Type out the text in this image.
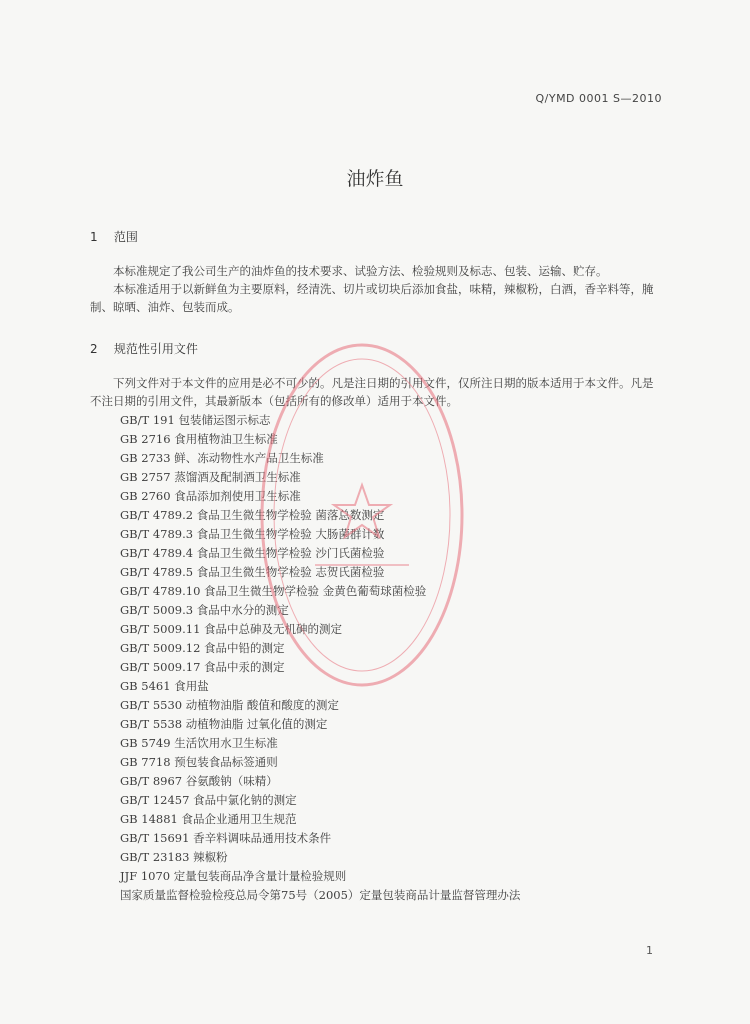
Q/YMD 0001 S—2010
油炸鱼
1 范围

本标准规定了我公司生产的油炸鱼的技术要求、试验方法、检验规则及标志、包装、运输、贮存。

本标准适用于以新鲜鱼为主要原料，经清洗、切片或切块后添加食盐，味精，辣椒粉，白酒，香辛料等，腌制、晾晒、油炸、包装而成。

2 规范性引用文件

下列文件对于本文件的应用是必不可少的。凡是注日期的引用文件，仅所注日期的版本适用于本文件。凡是不注日期的引用文件，其最新版本（包括所有的修改单）适用于本文件。

GB/T 191 包装储运图示标志
GB 2716 食用植物油卫生标准
GB 2733 鲜、冻动物性水产品卫生标准
GB 2757 蒸馏酒及配制酒卫生标准
GB 2760 食品添加剂使用卫生标准
GB/T 4789.2 食品卫生微生物学检验 菌落总数测定
GB/T 4789.3 食品卫生微生物学检验 大肠菌群计数
GB/T 4789.4 食品卫生微生物学检验 沙门氏菌检验
GB/T 4789.5 食品卫生微生物学检验 志贺氏菌检验
GB/T 4789.10 食品卫生微生物学检验 金黄色葡萄球菌检验
GB/T 5009.3 食品中水分的测定
GB/T 5009.11 食品中总砷及无机砷的测定
GB/T 5009.12 食品中铅的测定
GB/T 5009.17 食品中汞的测定
GB 5461 食用盐
GB/T 5530 动植物油脂 酸值和酸度的测定
GB/T 5538 动植物油脂 过氧化值的测定
GB 5749 生活饮用水卫生标准
GB 7718 预包装食品标签通则
GB/T 8967 谷氨酸钠（味精）
GB/T 12457 食品中氯化钠的测定
GB 14881 食品企业通用卫生规范
GB/T 15691 香辛料调味品通用技术条件
GB/T 23183 辣椒粉
JJF 1070 定量包装商品净含量计量检验规则
国家质量监督检验检疫总局令第75号（2005）定量包装商品计量监督管理办法
1
